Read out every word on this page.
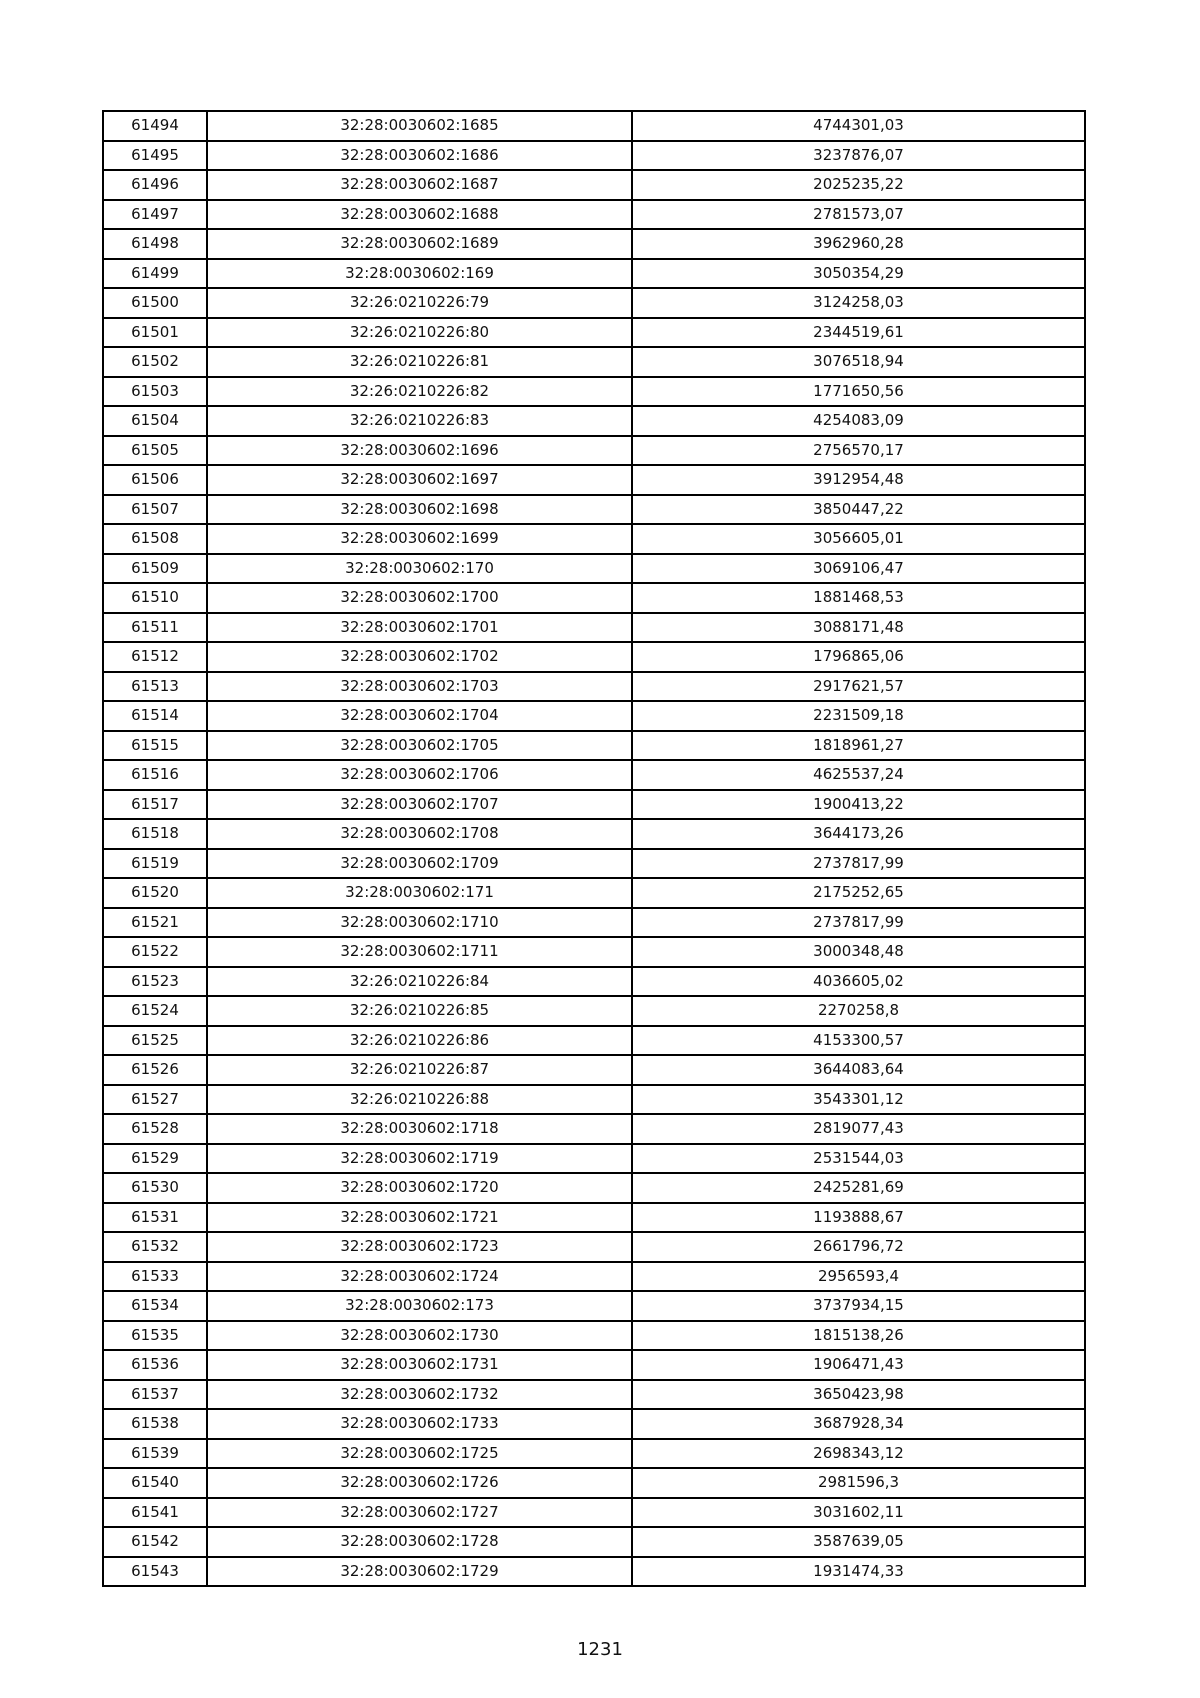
61494	32:28:0030602:1685	4744301,03
61495	32:28:0030602:1686	3237876,07
61496	32:28:0030602:1687	2025235,22
61497	32:28:0030602:1688	2781573,07
61498	32:28:0030602:1689	3962960,28
61499	32:28:0030602:169	3050354,29
61500	32:26:0210226:79	3124258,03
61501	32:26:0210226:80	2344519,61
61502	32:26:0210226:81	3076518,94
61503	32:26:0210226:82	1771650,56
61504	32:26:0210226:83	4254083,09
61505	32:28:0030602:1696	2756570,17
61506	32:28:0030602:1697	3912954,48
61507	32:28:0030602:1698	3850447,22
61508	32:28:0030602:1699	3056605,01
61509	32:28:0030602:170	3069106,47
61510	32:28:0030602:1700	1881468,53
61511	32:28:0030602:1701	3088171,48
61512	32:28:0030602:1702	1796865,06
61513	32:28:0030602:1703	2917621,57
61514	32:28:0030602:1704	2231509,18
61515	32:28:0030602:1705	1818961,27
61516	32:28:0030602:1706	4625537,24
61517	32:28:0030602:1707	1900413,22
61518	32:28:0030602:1708	3644173,26
61519	32:28:0030602:1709	2737817,99
61520	32:28:0030602:171	2175252,65
61521	32:28:0030602:1710	2737817,99
61522	32:28:0030602:1711	3000348,48
61523	32:26:0210226:84	4036605,02
61524	32:26:0210226:85	2270258,8
61525	32:26:0210226:86	4153300,57
61526	32:26:0210226:87	3644083,64
61527	32:26:0210226:88	3543301,12
61528	32:28:0030602:1718	2819077,43
61529	32:28:0030602:1719	2531544,03
61530	32:28:0030602:1720	2425281,69
61531	32:28:0030602:1721	1193888,67
61532	32:28:0030602:1723	2661796,72
61533	32:28:0030602:1724	2956593,4
61534	32:28:0030602:173	3737934,15
61535	32:28:0030602:1730	1815138,26
61536	32:28:0030602:1731	1906471,43
61537	32:28:0030602:1732	3650423,98
61538	32:28:0030602:1733	3687928,34
61539	32:28:0030602:1725	2698343,12
61540	32:28:0030602:1726	2981596,3
61541	32:28:0030602:1727	3031602,11
61542	32:28:0030602:1728	3587639,05
61543	32:28:0030602:1729	1931474,33
1231
